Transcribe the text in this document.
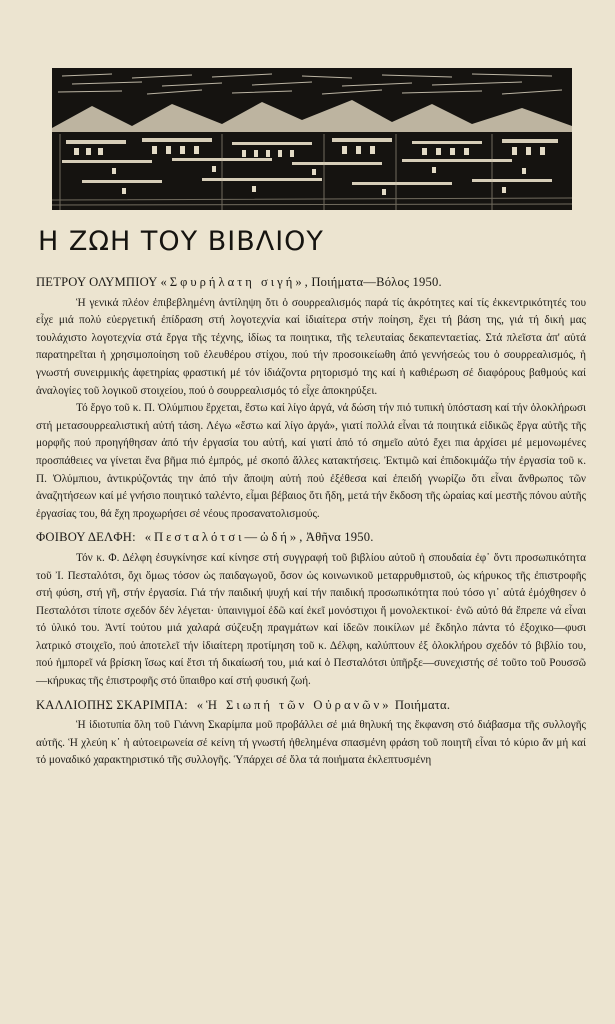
Η ΖΩΗ ΤΟΥ ΒΙΒΛΙΟΥ
ΠΕΤΡΟΥ ΟΛΥΜΠΙΟΥ «Σφυρήλατη σιγή», Ποιήματα—Βόλος 1950.

Ἡ γενικά πλέον ἐπιβεβλημένη ἀντίληψη ὅτι ὁ σουρρεαλισμός παρά τίς ἀκρότητες καί τίς ἐκκεντρικότητές του εἶχε μιά πολύ εὐεργετική ἐπίδραση στή λογοτεχνία καί ἰδιαίτερα στήν ποίηση, ἔχει τή βάση της, γιά τή δική μας τουλάχιστο λογοτεχνία στά ἔργα τῆς τέχνης, ἰδίως τα ποιητικα, τῆς τελευταίας δεκαπενταετίας. Στά πλεῖστα ἀπ' αὐτά παρατηρεῖται ἡ χρησιμοποίηση τοῦ ἐλευθέρου στίχου, πού τήν προσοικείωθη ἀπό γεννήσεώς του ὁ σουρρεαλισμός, ἡ γνωστή συνειρμικής ἀφετηρίας φραστική μέ τόν ἰδιάζοντα ρητορισμό της καί ἡ καθιέρωση σέ διαφόρους βαθμούς καί ἀναλογίες τοῦ λογικοῦ στοιχείου, πού ὁ σουρρεαλισμός τό εἶχε ἀποκηρύξει.

Τό ἔργο τοῦ κ. Π. Ὀλύμπιου ἔρχεται, ἔστω καί λίγο ἀργά, νά δώση τήν πιό τυπική ὑπόσταση καί τήν ὁλοκλήρωσι στή μετασουρρεαλιστική αὐτή τάση. Λέγω «ἔστω καί λίγο ἀργά», γιατί πολλά εἶναι τά ποιητικά εἰδικῶς ἔργα αὐτῆς τῆς μορφῆς πού προηγήθησαν ἀπό τήν ἐργασία του αὐτή, καί γιατί ἀπό τό σημεῖο αὐτό ἔχει πια ἀρχίσει μέ μεμονωμένες προσπάθειες να γίνεται ἕνα βῆμα πιό ἐμπρός, μέ σκοπό ἄλλες κατακτήσεις. Ἐκτιμῶ καί ἐπιδοκιμάζω τήν ἐργασία τοῦ κ. Π. Ὀλύμπιου, ἀντικρύζοντάς την ἀπό τήν ἄποψη αὐτή πού ἐξέθεσα καί ἐπειδή γνωρίζω ὅτι εἶναι ἄνθρωπος τῶν ἀναζητήσεων καί μέ γνήσιο ποιητικό ταλέντο, εἶμαι βέβαιος ὅτι ἤδη, μετά τήν ἔκδοση τῆς ὡραίας καί μεστῆς πόνου αὐτῆς ἐργασίας του, θά ἔχη προχωρήσει σέ νέους προσανατολισμούς.

ΦΟΙΒΟΥ ΔΕΛΦΗ: «Πεσταλότσι—ὠδή», Ἀθῆνα 1950.

Τόν κ. Φ. Δέλφη ἐσυγκίνησε καί κίνησε στή συγγραφή τοῦ βιβλίου αὐτοῦ ἡ σπουδαία ἐφ᾽ ὄντι προσωπικότητα τοῦ Ἰ. Πεσταλότσι, ὄχι ὅμως τόσον ὡς παιδαγωγοῦ, ὅσον ὡς κοινωνικοῦ μεταρρυθμιστοῦ, ὡς κήρυκος τῆς ἐπιστροφῆς στή φύση, στή γῆ, στήν ἐργασία. Γιά τήν παιδική ψυχή καί τήν παιδική προσωπικότητα πού τόσο γι᾽ αὐτά ἐμόχθησεν ὁ Πεσταλότσι τίποτε σχεδόν δέν λέγεται· ὑπαινιγμοί ἐδῶ καί ἐκεῖ μονόστιχοι ἤ μονολεκτικοί· ἐνῶ αὐτό θά ἔπρεπε νά εἶναι τό ὑλικό του. Ἀντί τούτου μιά χαλαρά σύζευξη πραγμάτων καί ἰδεῶν ποικίλων μέ ἔκδηλο πάντα τό ἐξοχικο—φυσι λατρικό στοιχεῖο, πού ἀποτελεῖ τήν ἰδιαίτερη προτίμηση τοῦ κ. Δέλφη, καλύπτουν ἐξ ὁλοκλήρου σχεδόν τό βιβλίο του, πού ἠμπορεῖ νά βρίσκη ἴσως καί ἔτσι τή δικαίωσή του, μιά καί ὁ Πεσταλότσι ὑπῆρξε—συνεχιστής σέ τοῦτο τοῦ Ρουσσῶ—κήρυκας τῆς ἐπιστροφῆς στό ὕπαιθρο καί στή φυσική ζωή.

ΚΑΛΛΙΟΠΗΣ ΣΚΑΡΙΜΠΑ: «Ἡ Σιωπή τῶν Οὐρανῶν» Ποιήματα.

Ἡ ἰδιοτυπία ὅλη τοῦ Γιάννη Σκαρίμπα μοῦ προβάλλει σέ μιά θηλυκή της ἔκφανση στό διάβασμα τῆς συλλογῆς αὐτῆς. Ἡ χλεύη κ᾽ ἡ αὐτοειρωνεία σέ κείνη τή γνωστή ἠθελημένα σπασμένη φράση τοῦ ποιητῆ εἶναι τό κύριο ἄν μή καί τό μοναδικό χαρακτηριστικό τῆς συλλογῆς. Ὑπάρχει σέ ὅλα τά ποιήματα ἐκλεπτυσμένη
